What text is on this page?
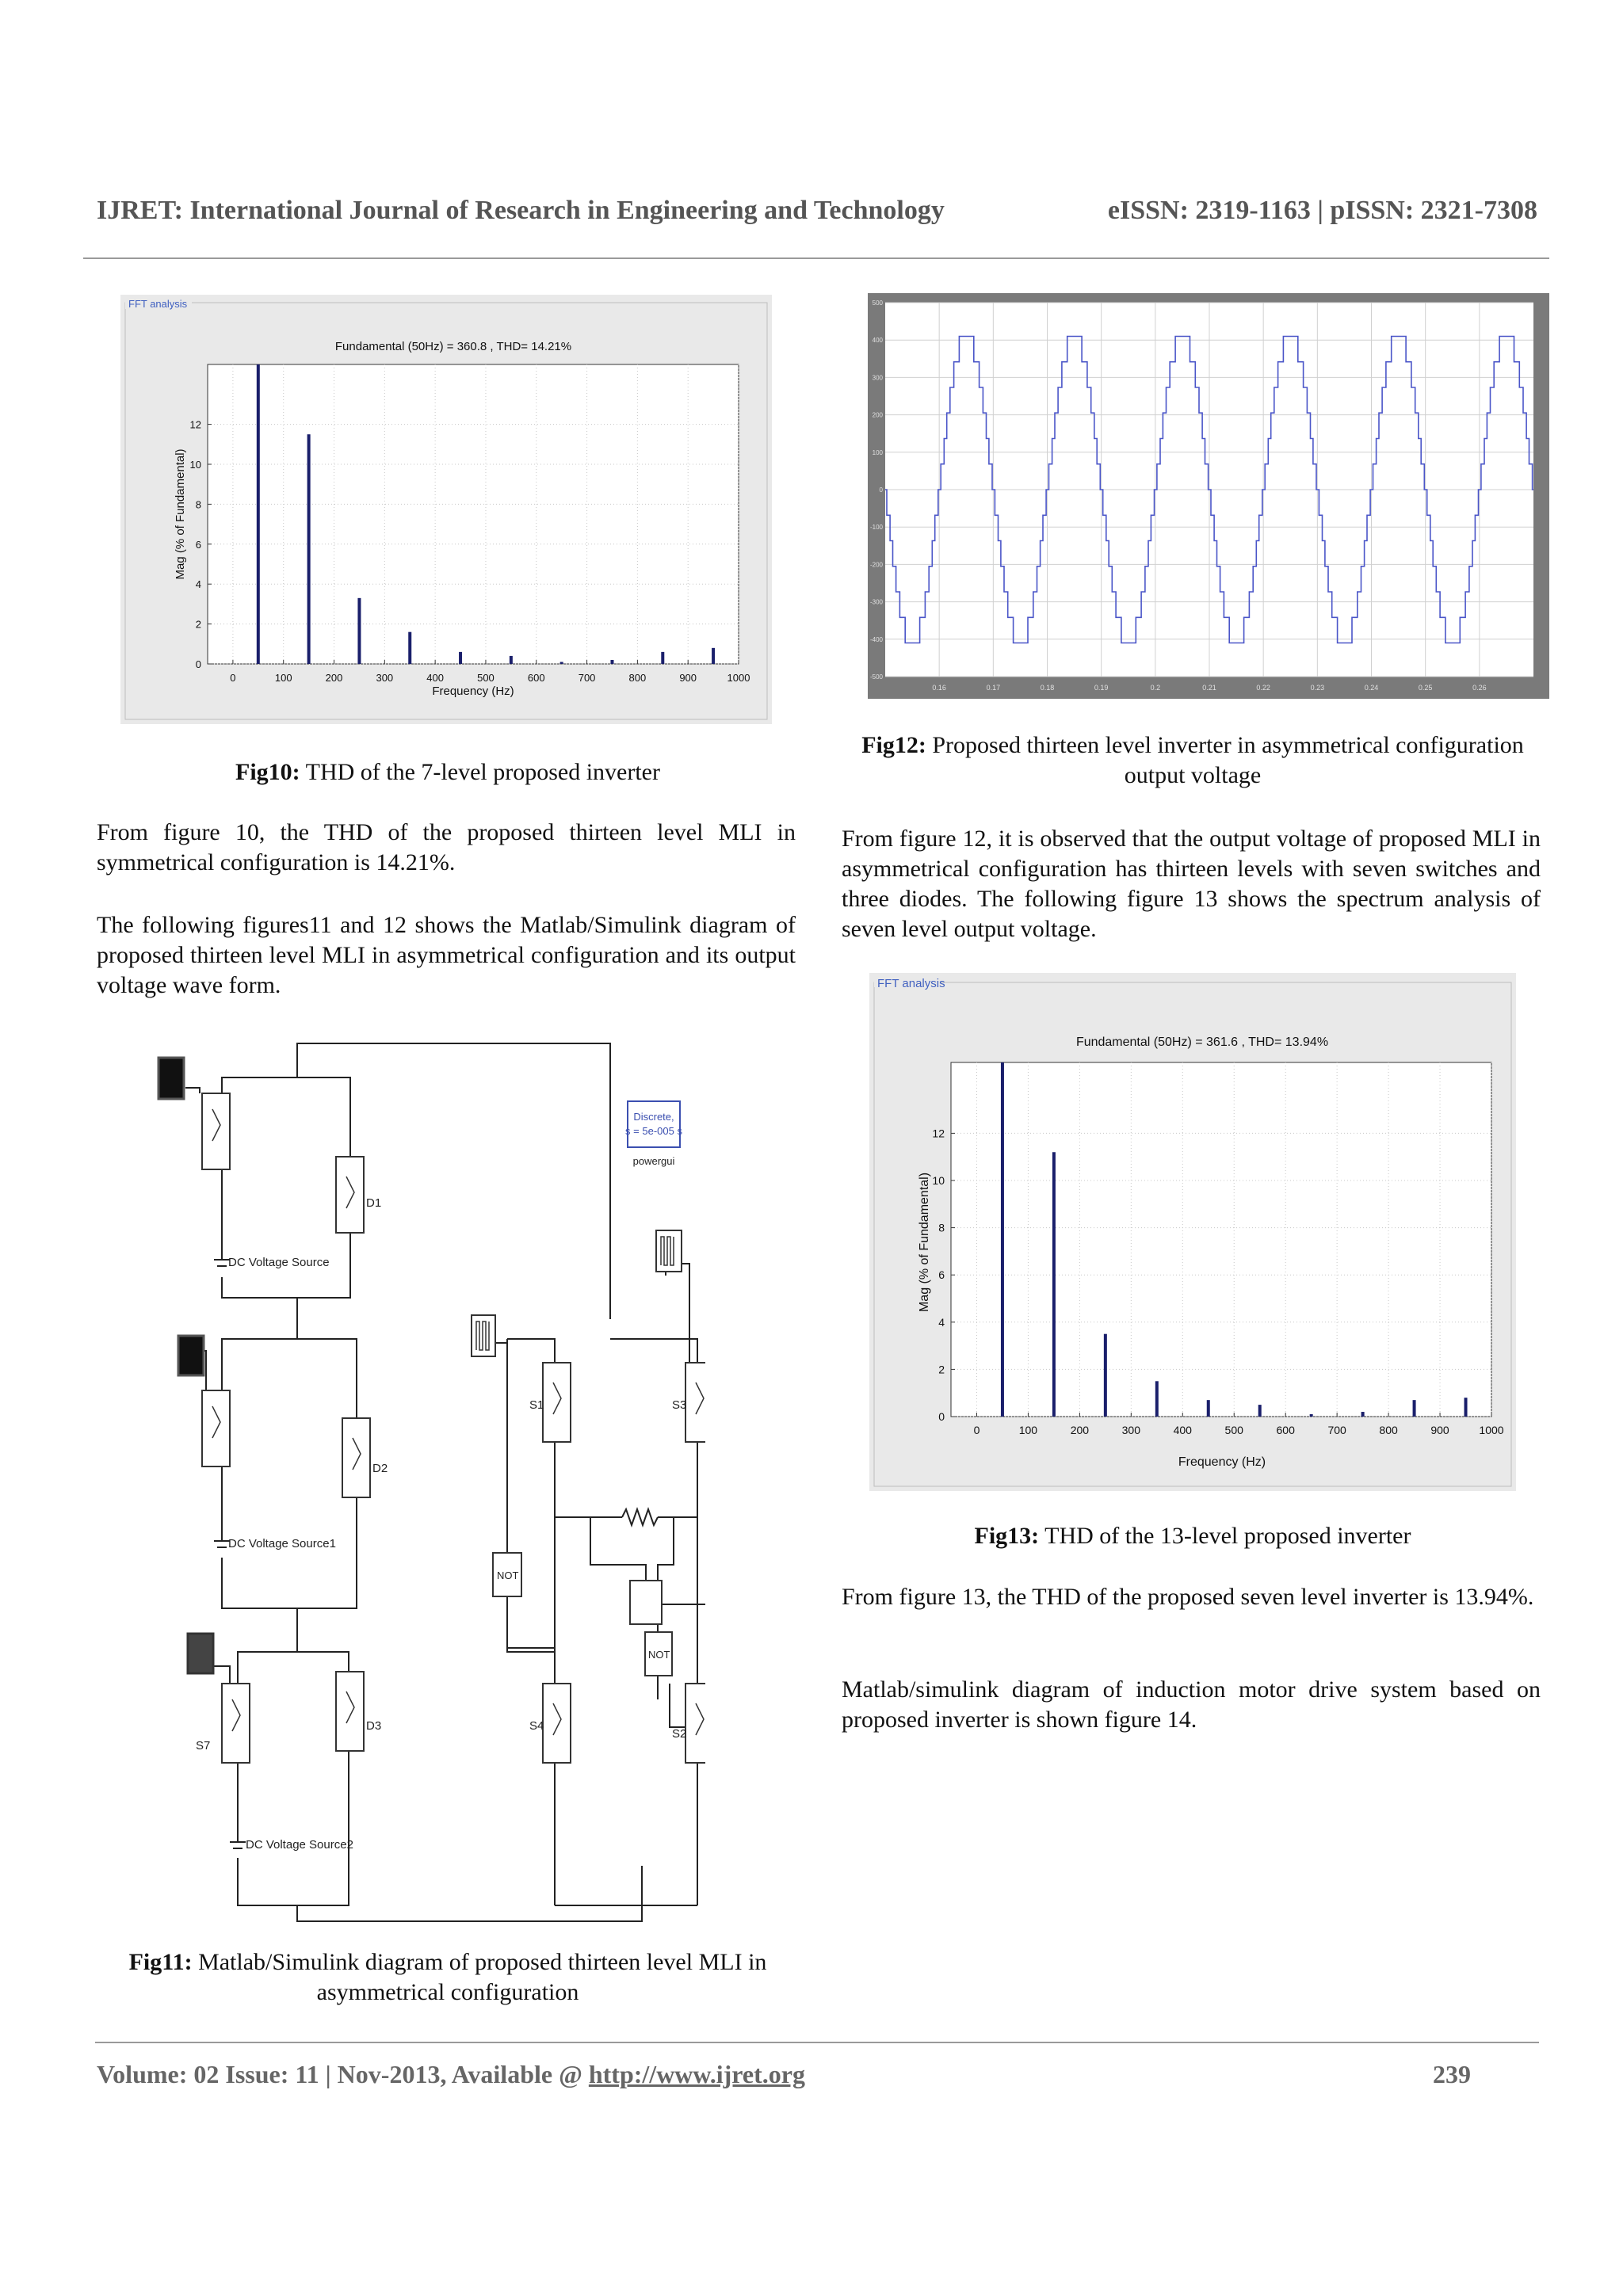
IJRET: International Journal of Research in Engineering and Technology	eISSN: 2319-1163 | pISSN: 2321-7308
FFT analysis
Fundamental (50Hz) = 360.8 , THD= 14.21%
0	100	200	300	400	500	600	700	800	900	1000
0
2
4
6
8
10
12
Frequency (Hz)
Mag (% of Fundamental)
Fig10: THD of the 7-level proposed inverter

From figure 10, the THD of the proposed thirteen level MLI in symmetrical configuration is 14.21%.

The following figures11 and 12 shows the Matlab/Simulink diagram of proposed thirteen level MLI in asymmetrical configuration and its output voltage wave form.

DC Voltage Source
DC Voltage Source1
DC Voltage Source2
D1
D2
D3
S1	S3
S4
S2
S7
NOT
NOT
Discrete,
s = 5e-005 s
powergui
Fig11: Matlab/Simulink diagram of proposed thirteen level MLI in asymmetrical configuration
0.16	0.17	0.18	0.19	0.2	0.21	0.22	0.23	0.24	0.25	0.26
-500
-400
-300
-200
-100
0
100
200
300
400
500
Fig12: Proposed thirteen level inverter in asymmetrical configuration output voltage

From figure 12, it is observed that the output voltage of proposed MLI in asymmetrical configuration has thirteen levels with seven switches and three diodes. The following figure 13 shows the spectrum analysis of seven level output voltage.

FFT analysis
Fundamental (50Hz) = 361.6 , THD= 13.94%
0	100	200	300	400	500	600	700	800	900	1000
0
2
4
6
8
10
12
Frequency (Hz)
Mag (% of Fundamental)
Fig13: THD of the 13-level proposed inverter

From figure 13, the THD of the proposed seven level inverter is 13.94%.

Matlab/simulink diagram of induction motor drive system based on proposed inverter is shown figure 14.

Volume: 02 Issue: 11 | Nov-2013, Available @ http://www.ijret.org	239
